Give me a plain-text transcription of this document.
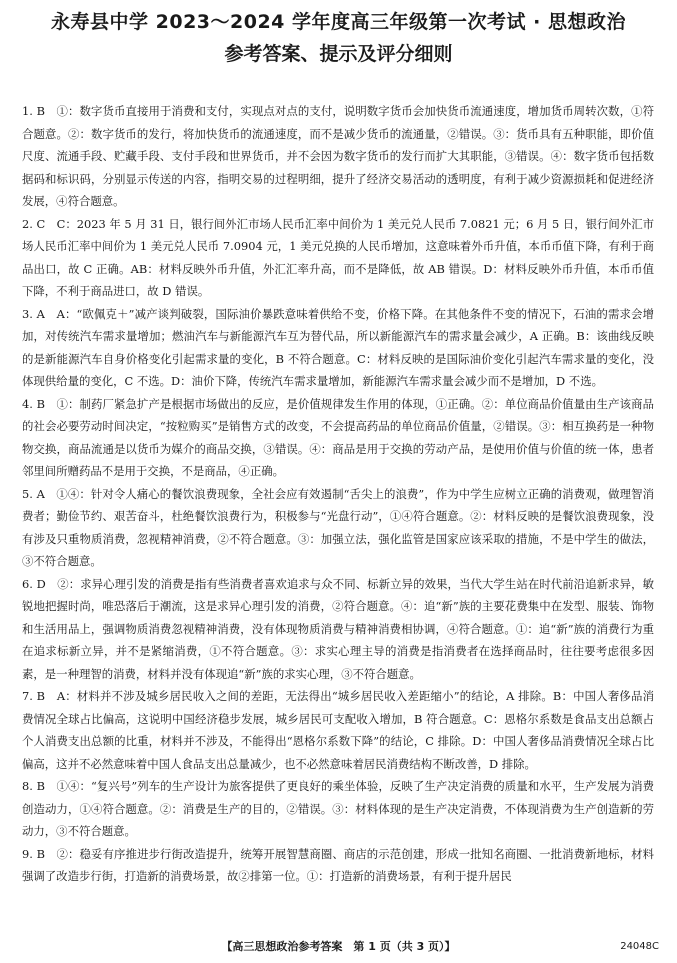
永寿县中学 2023～2024 学年度高三年级第一次考试 · 思想政治
参考答案、提示及评分细则

1. B　①：数字货币直接用于消费和支付，实现点对点的支付，说明数字货币会加快货币流通速度，增加货币周转次数，①符合题意。②：数字货币的发行，将加快货币的流通速度，而不是减少货币的流通量，②错误。③：货币具有五种职能，即价值尺度、流通手段、贮藏手段、支付手段和世界货币，并不会因为数字货币的发行而扩大其职能，③错误。④：数字货币包括数据码和标识码，分别显示传送的内容，指明交易的过程明细，提升了经济交易活动的透明度，有利于减少资源损耗和促进经济发展，④符合题意。

2. C　C：2023 年 5 月 31 日，银行间外汇市场人民币汇率中间价为 1 美元兑人民币 7.0821 元；6 月 5 日，银行间外汇市场人民币汇率中间价为 1 美元兑人民币 7.0904 元，1 美元兑换的人民币增加，这意味着外币升值，本币币值下降，有利于商品出口，故 C 正确。AB：材料反映外币升值，外汇汇率升高，而不是降低，故 AB 错误。D：材料反映外币升值，本币币值下降，不利于商品进口，故 D 错误。

3. A　A：“欧佩克＋”减产谈判破裂，国际油价暴跌意味着供给不变，价格下降。在其他条件不变的情况下，石油的需求会增加，对传统汽车需求量增加；燃油汽车与新能源汽车互为替代品，所以新能源汽车的需求量会减少，A 正确。B：该曲线反映的是新能源汽车自身价格变化引起需求量的变化，B 不符合题意。C：材料反映的是国际油价变化引起汽车需求量的变化，没体现供给量的变化，C 不选。D：油价下降，传统汽车需求量增加，新能源汽车需求量会减少而不是增加，D 不选。

4. B　①：制药厂紧急扩产是根据市场做出的反应，是价值规律发生作用的体现，①正确。②：单位商品价值量由生产该商品的社会必要劳动时间决定，“按粒购买”是销售方式的改变，不会提高药品的单位商品价值量，②错误。③：相互换药是一种物物交换，商品流通是以货币为媒介的商品交换，③错误。④：商品是用于交换的劳动产品，是使用价值与价值的统一体，患者邻里间所赠药品不是用于交换，不是商品，④正确。

5. A　①④：针对令人痛心的餐饮浪费现象，全社会应有效遏制“舌尖上的浪费”，作为中学生应树立正确的消费观，做理智消费者；勤俭节约、艰苦奋斗，杜绝餐饮浪费行为，积极参与“光盘行动”，①④符合题意。②：材料反映的是餐饮浪费现象，没有涉及只重物质消费，忽视精神消费，②不符合题意。③：加强立法，强化监管是国家应该采取的措施，不是中学生的做法，③不符合题意。

6. D　②：求异心理引发的消费是指有些消费者喜欢追求与众不同、标新立异的效果，当代大学生站在时代前沿追新求异，敏锐地把握时尚，唯恐落后于潮流，这是求异心理引发的消费，②符合题意。④：追“新”族的主要花费集中在发型、服装、饰物和生活用品上，强调物质消费忽视精神消费，没有体现物质消费与精神消费相协调，④符合题意。①：追“新”族的消费行为重在追求标新立异，并不是紧缩消费，①不符合题意。③：求实心理主导的消费是指消费者在选择商品时，往往要考虑很多因素，是一种理智的消费，材料并没有体现追“新”族的求实心理，③不符合题意。

7. B　A：材料并不涉及城乡居民收入之间的差距，无法得出“城乡居民收入差距缩小”的结论，A 排除。B：中国人奢侈品消费情况全球占比偏高，这说明中国经济稳步发展，城乡居民可支配收入增加，B 符合题意。C：恩格尔系数是食品支出总额占个人消费支出总额的比重，材料并不涉及，不能得出“恩格尔系数下降”的结论，C 排除。D：中国人奢侈品消费情况全球占比偏高，这并不必然意味着中国人食品支出总量减少，也不必然意味着居民消费结构不断改善，D 排除。

8. B　①④：“复兴号”列车的生产设计为旅客提供了更良好的乘坐体验，反映了生产决定消费的质量和水平，生产发展为消费创造动力，①④符合题意。②：消费是生产的目的，②错误。③：材料体现的是生产决定消费，不体现消费为生产创造新的劳动力，③不符合题意。

9. B　②：稳妥有序推进步行街改造提升，统筹开展智慧商圈、商店的示范创建，形成一批知名商圈、一批消费新地标，材料强调了改造步行街，打造新的消费场景，故②排第一位。①：打造新的消费场景，有利于提升居民

【高三思想政治参考答案　第 1 页（共 3 页）】	24048C
